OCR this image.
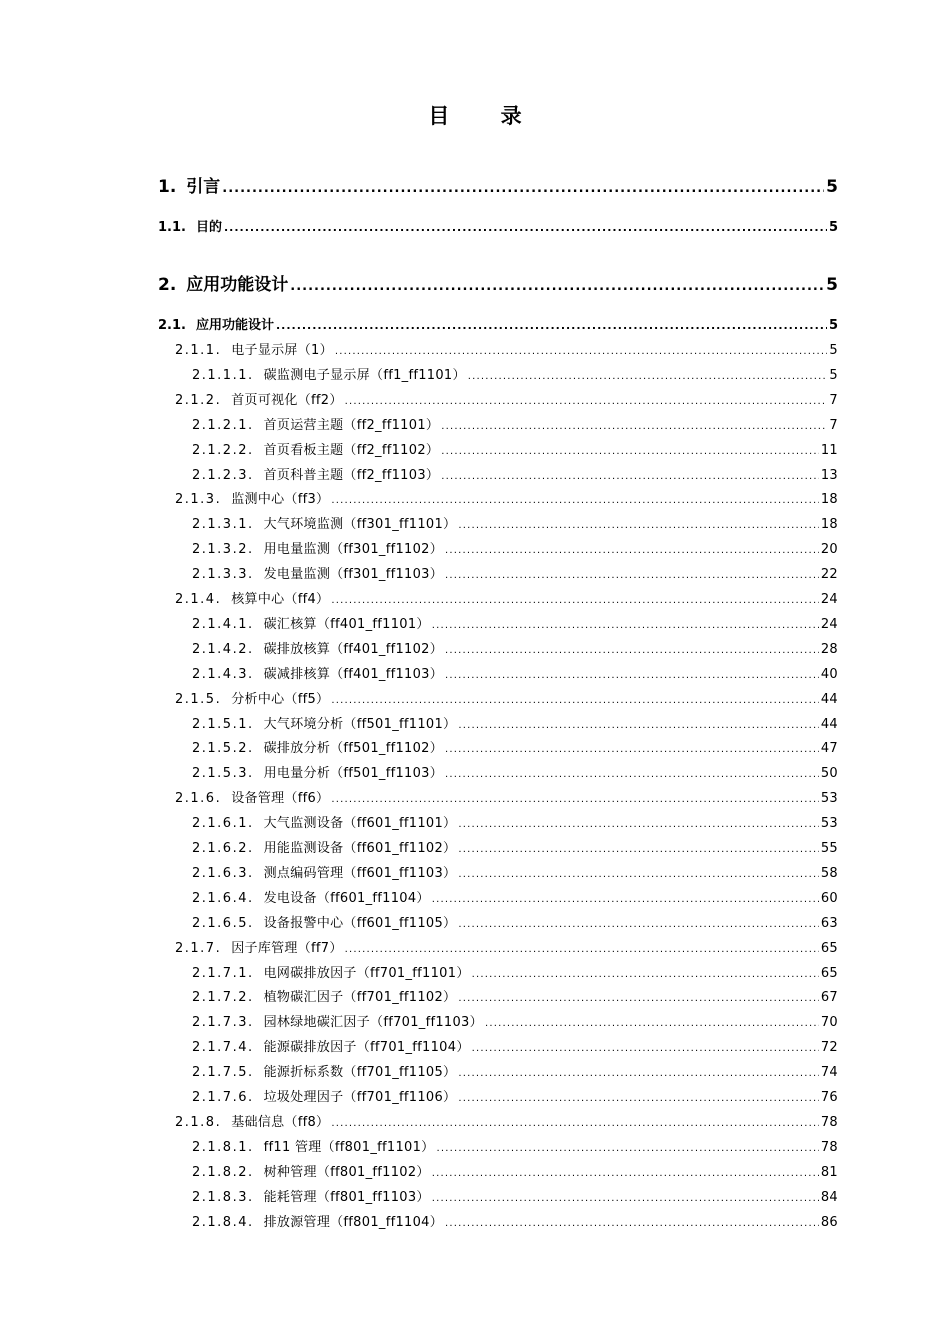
目 录
1. 引言 .....	5
1.1. 目的 .....	5
2. 应用功能设计 .....	5
2.1. 应用功能设计 .....	5
2.1.1. 电子显示屏（1） .....	5
2.1.1.1. 碳监测电子显示屏（ff1_ff1101） .....	5
2.1.2. 首页可视化（ff2） .....	7
2.1.2.1. 首页运营主题（ff2_ff1101） .....	7
2.1.2.2. 首页看板主题（ff2_ff1102） .....	11
2.1.2.3. 首页科普主题（ff2_ff1103） .....	13
2.1.3. 监测中心（ff3） .....	18
2.1.3.1. 大气环境监测（ff301_ff1101） .....	18
2.1.3.2. 用电量监测（ff301_ff1102） .....	20
2.1.3.3. 发电量监测（ff301_ff1103） .....	22
2.1.4. 核算中心（ff4） .....	24
2.1.4.1. 碳汇核算（ff401_ff1101） .....	24
2.1.4.2. 碳排放核算（ff401_ff1102） .....	28
2.1.4.3. 碳减排核算（ff401_ff1103） .....	40
2.1.5. 分析中心（ff5） .....	44
2.1.5.1. 大气环境分析（ff501_ff1101） .....	44
2.1.5.2. 碳排放分析（ff501_ff1102） .....	47
2.1.5.3. 用电量分析（ff501_ff1103） .....	50
2.1.6. 设备管理（ff6） .....	53
2.1.6.1. 大气监测设备（ff601_ff1101） .....	53
2.1.6.2. 用能监测设备（ff601_ff1102） .....	55
2.1.6.3. 测点编码管理（ff601_ff1103） .....	58
2.1.6.4. 发电设备（ff601_ff1104） .....	60
2.1.6.5. 设备报警中心（ff601_ff1105） .....	63
2.1.7. 因子库管理（ff7） .....	65
2.1.7.1. 电网碳排放因子（ff701_ff1101） .....	65
2.1.7.2. 植物碳汇因子（ff701_ff1102） .....	67
2.1.7.3. 园林绿地碳汇因子（ff701_ff1103） .....	70
2.1.7.4. 能源碳排放因子（ff701_ff1104） .....	72
2.1.7.5. 能源折标系数（ff701_ff1105） .....	74
2.1.7.6. 垃圾处理因子（ff701_ff1106） .....	76
2.1.8. 基础信息（ff8） .....	78
2.1.8.1. ff11 管理（ff801_ff1101） .....	78
2.1.8.2. 树种管理（ff801_ff1102） .....	81
2.1.8.3. 能耗管理（ff801_ff1103） .....	84
2.1.8.4. 排放源管理（ff801_ff1104） .....	86
